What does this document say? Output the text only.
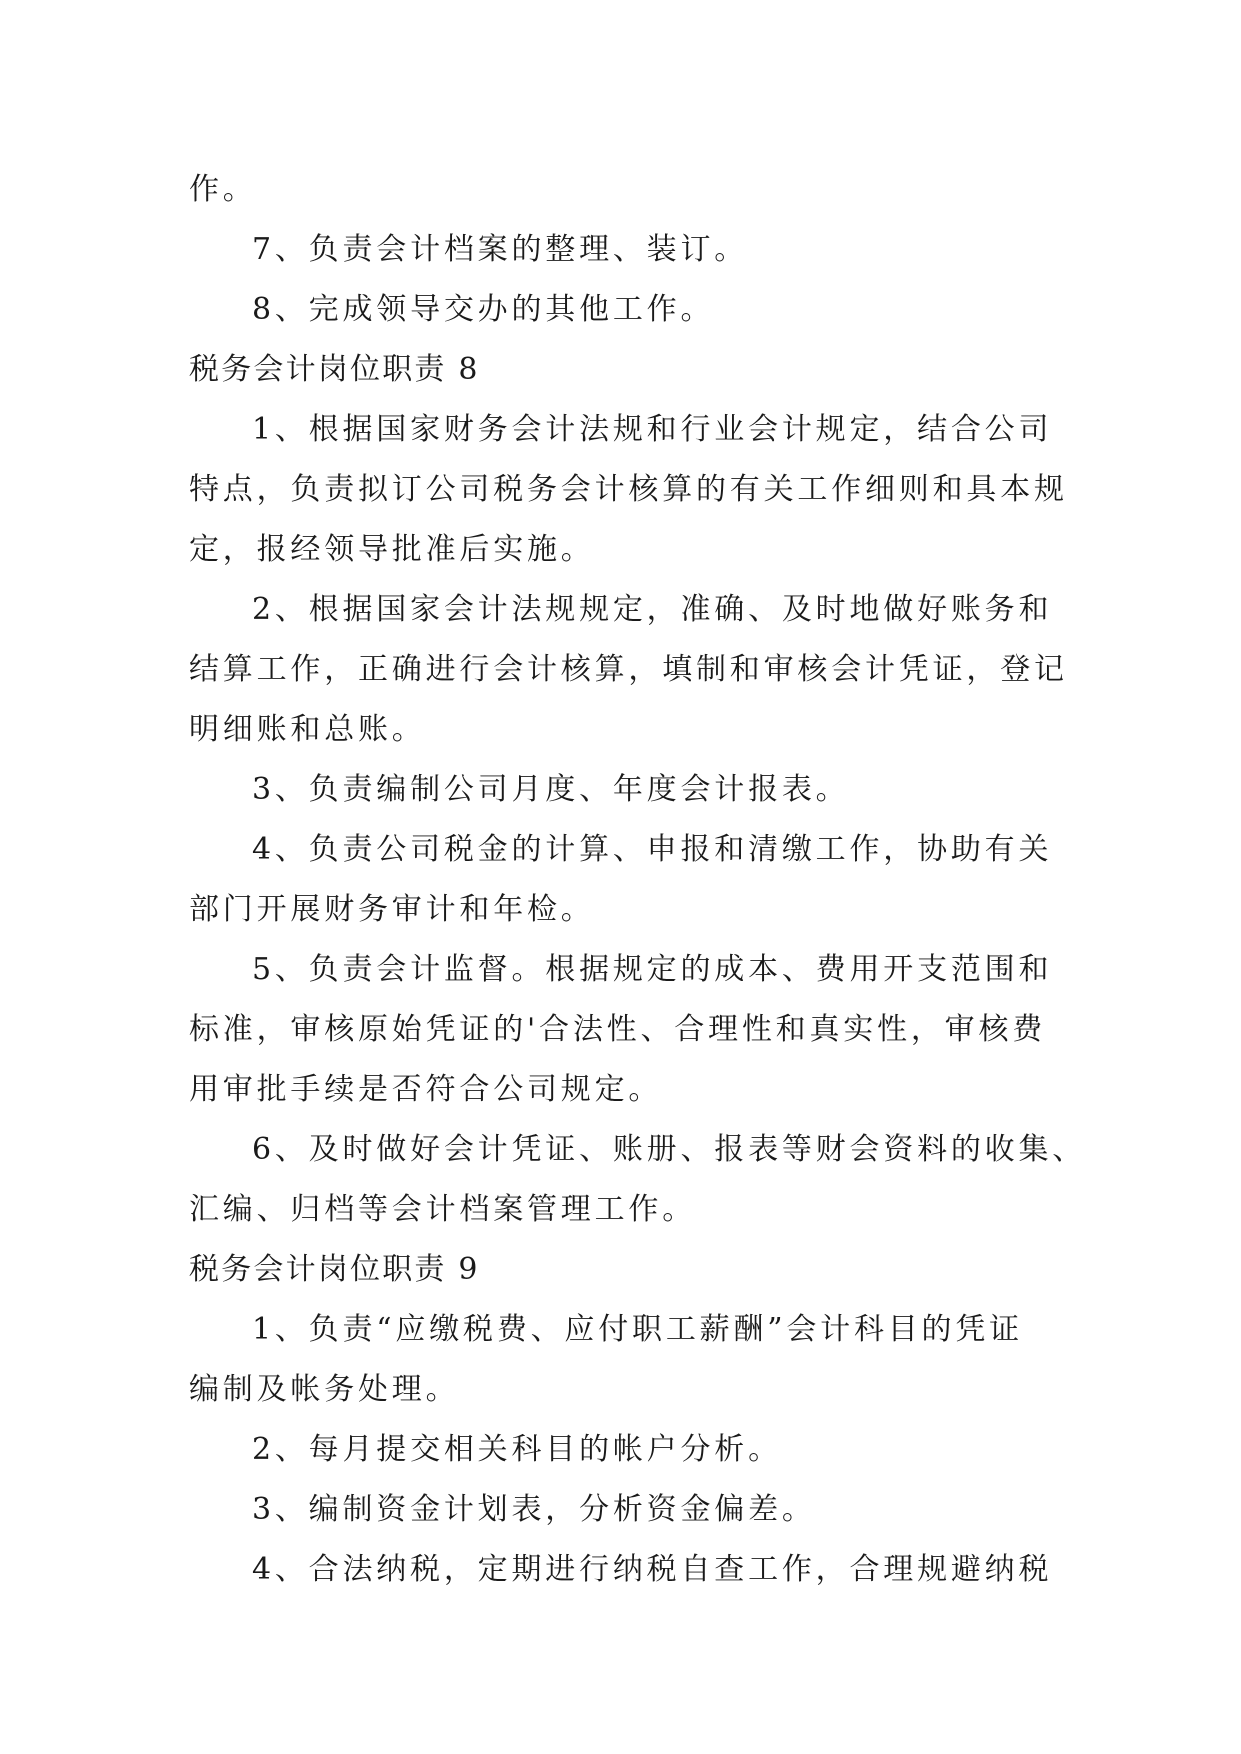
作。
7、负责会计档案的整理、装订。
8、完成领导交办的其他工作。
税务会计岗位职责 8
1、根据国家财务会计法规和行业会计规定，结合公司
特点，负责拟订公司税务会计核算的有关工作细则和具本规
定，报经领导批准后实施。
2、根据国家会计法规规定，准确、及时地做好账务和
结算工作，正确进行会计核算，填制和审核会计凭证，登记
明细账和总账。
3、负责编制公司月度、年度会计报表。
4、负责公司税金的计算、申报和清缴工作，协助有关
部门开展财务审计和年检。
5、负责会计监督。根据规定的成本、费用开支范围和
标准，审核原始凭证的'合法性、合理性和真实性，审核费
用审批手续是否符合公司规定。
6、及时做好会计凭证、账册、报表等财会资料的收集、
汇编、归档等会计档案管理工作。
税务会计岗位职责 9
1、负责“应缴税费、应付职工薪酬”会计科目的凭证
编制及帐务处理。
2、每月提交相关科目的帐户分析。
3、编制资金计划表，分析资金偏差。
4、合法纳税，定期进行纳税自查工作，合理规避纳税
